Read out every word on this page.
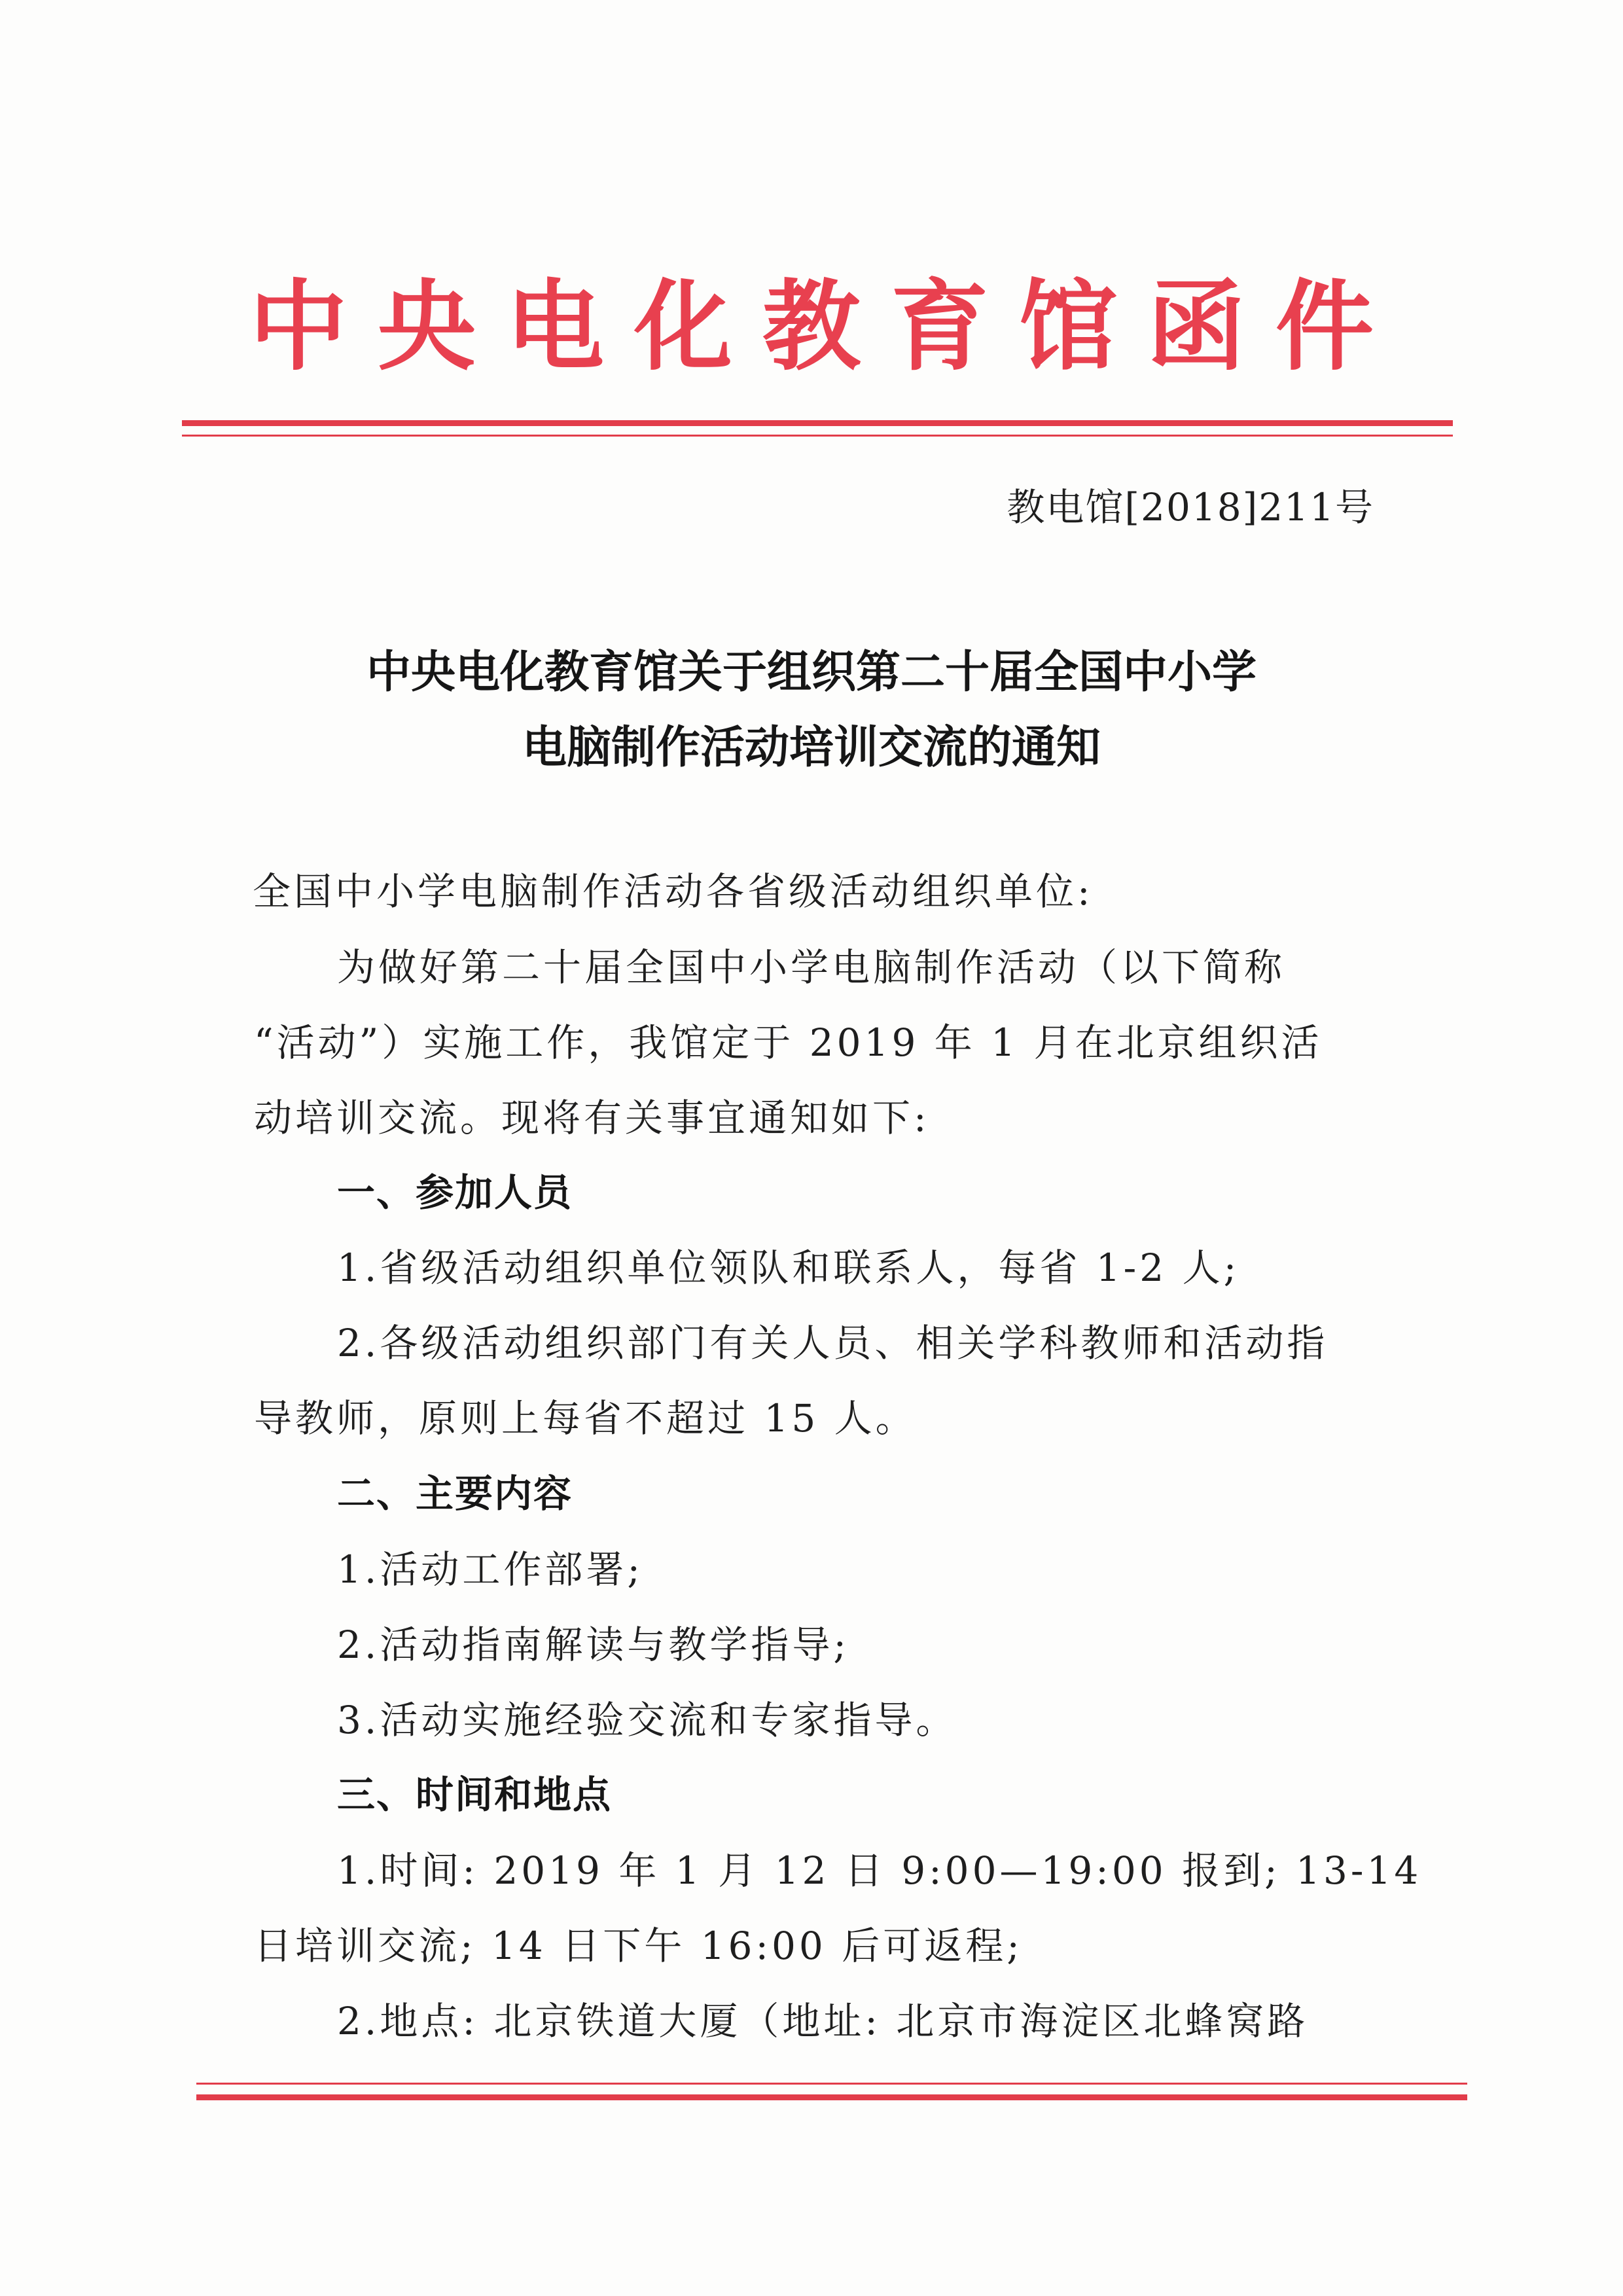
中央电化教育馆函件
教电馆[2018]211号
中央电化教育馆关于组织第二十届全国中小学
电脑制作活动培训交流的通知
全国中小学电脑制作活动各省级活动组织单位:
为做好第二十届全国中小学电脑制作活动（以下简称
“活动”）实施工作，我馆定于 2019 年 1 月在北京组织活
动培训交流。现将有关事宜通知如下:
一、参加人员
1.省级活动组织单位领队和联系人，每省 1-2 人;
2.各级活动组织部门有关人员、相关学科教师和活动指
导教师，原则上每省不超过 15 人。
二、主要内容
1.活动工作部署;
2.活动指南解读与教学指导;
3.活动实施经验交流和专家指导。
三、时间和地点
1.时间: 2019 年 1 月 12 日 9:00—19:00 报到; 13-14
日培训交流; 14 日下午 16:00 后可返程;
2.地点: 北京铁道大厦（地址: 北京市海淀区北蜂窝路
